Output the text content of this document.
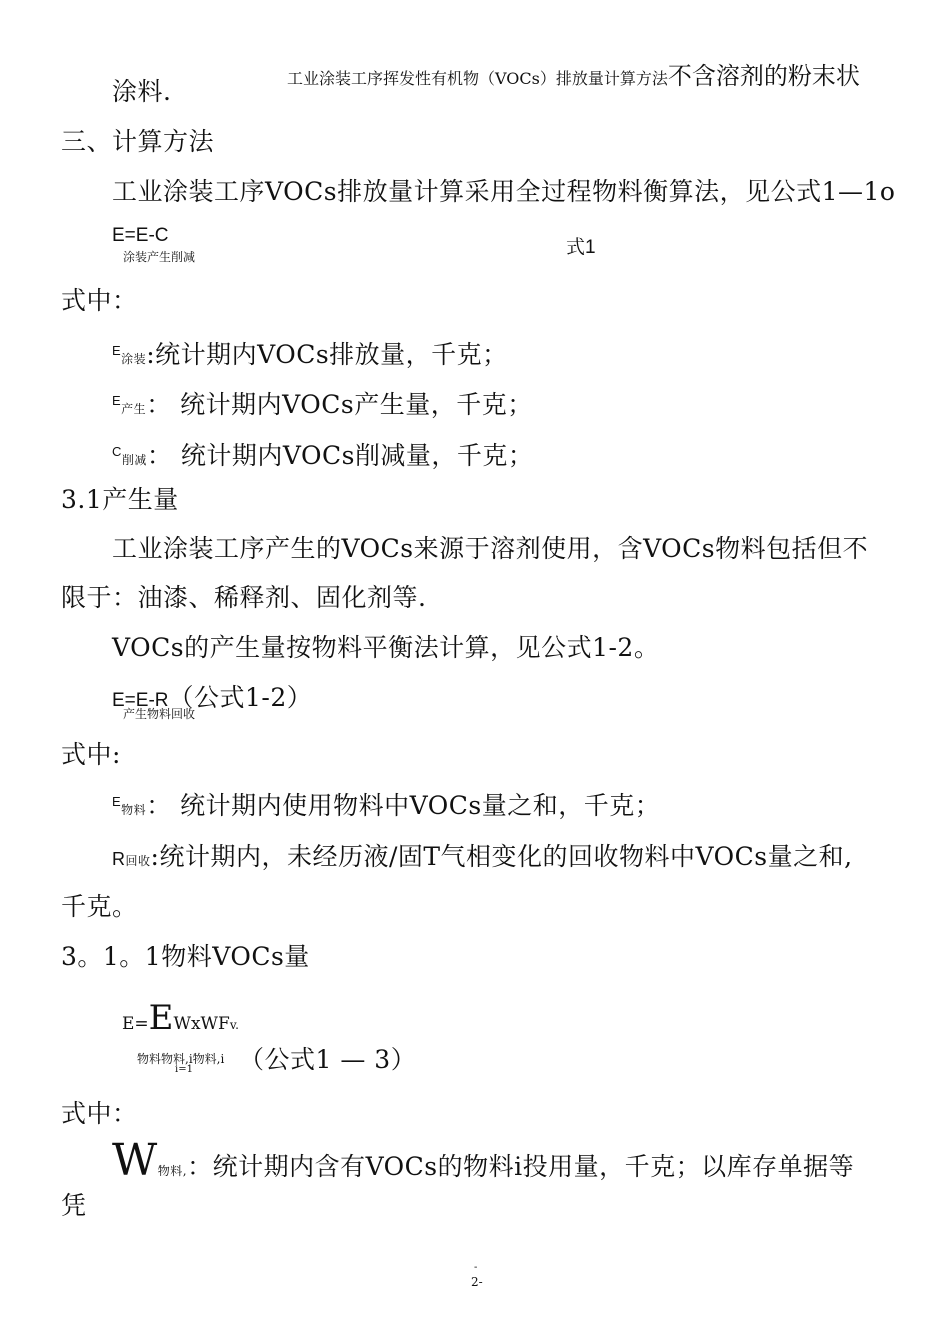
工业涂装工序挥发性有机物（VOCs）排放量计算方法不含溶剂的粉末状
涂料.
三、计算方法
工业涂装工序VOCs排放量计算采用全过程物料衡算法，见公式1—1o
E=E-C
涂装产生削减	式1
式中：
$^E$涂装:统计期内VOCs排放量，千克；
$^E$产生： 统计期内VOCs产生量，千克；
$^C$削减： 统计期内VOCs削减量，千克；
3.1产生量
工业涂装工序产生的VOCs来源于溶剂使用，含VOCs物料包括但不
限于：油漆、稀释剂、固化剂等.
VOCs的产生量按物料平衡法计算，见公式1-2。
E=E-R（公式1-2）
产生物料回收
式中:
$^E$物料： 统计期内使用物料中VOCs量之和，千克；
R回收:统计期内，未经历液/固T气相变化的回收物料中VOCs量之和,
千克。
3。1。1物料VOCs量
E=EWxWFv.
物料物料,i物料,i （公式1 — 3）
i=1
式中：
W物料,：统计期内含有VOCs的物料i投用量，千克；以库存单据等
凭
-
2-
